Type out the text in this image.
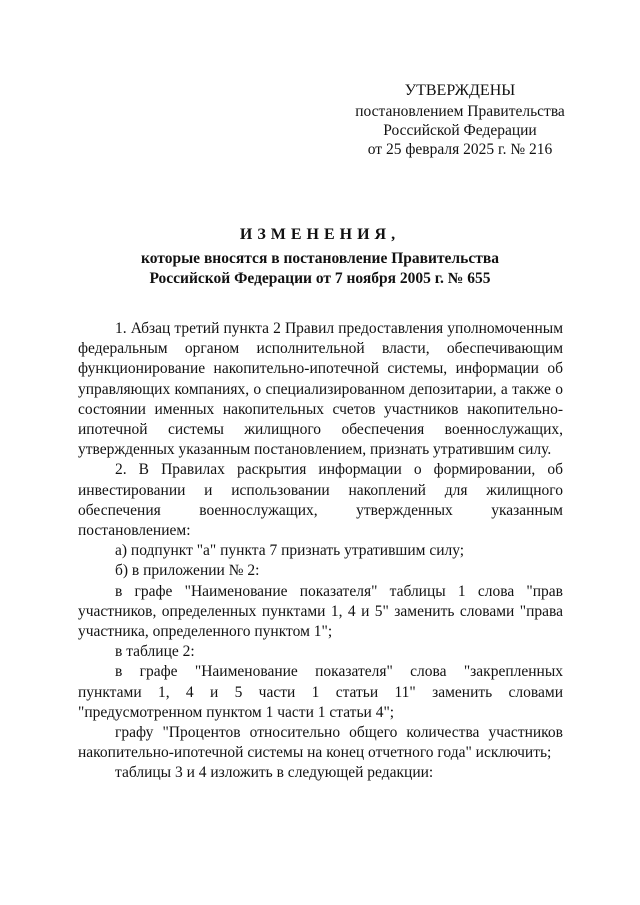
УТВЕРЖДЕНЫ
постановлением Правительства
Российской Федерации
от 25 февраля 2025 г. № 216
ИЗМЕНЕНИЯ,
которые вносятся в постановление Правительства
Российской Федерации от 7 ноября 2005 г. № 655

1. Абзац третий пункта 2 Правил предоставления уполномоченным федеральным органом исполнительной власти, обеспечивающим функционирование накопительно-ипотечной системы, информации об управляющих компаниях, о специализированном депозитарии, а также о состоянии именных накопительных счетов участников накопительно-ипотечной системы жилищного обеспечения военнослужащих, утвержденных указанным постановлением, признать утратившим силу.

2. В Правилах раскрытия информации о формировании, об инвестировании и использовании накоплений для жилищного обеспечения военнослужащих, утвержденных указанным постановлением:

а) подпункт "а" пункта 7 признать утратившим силу;

б) в приложении № 2:

в графе "Наименование показателя" таблицы 1 слова "прав участников, определенных пунктами 1, 4 и 5" заменить словами "права участника, определенного пунктом 1";

в таблице 2:

в графе "Наименование показателя" слова "закрепленных пунктами 1, 4 и 5 части 1 статьи 11" заменить словами "предусмотренном пунктом 1 части 1 статьи 4";

графу "Процентов относительно общего количества участников накопительно-ипотечной системы на конец отчетного года" исключить;

таблицы 3 и 4 изложить в следующей редакции:
